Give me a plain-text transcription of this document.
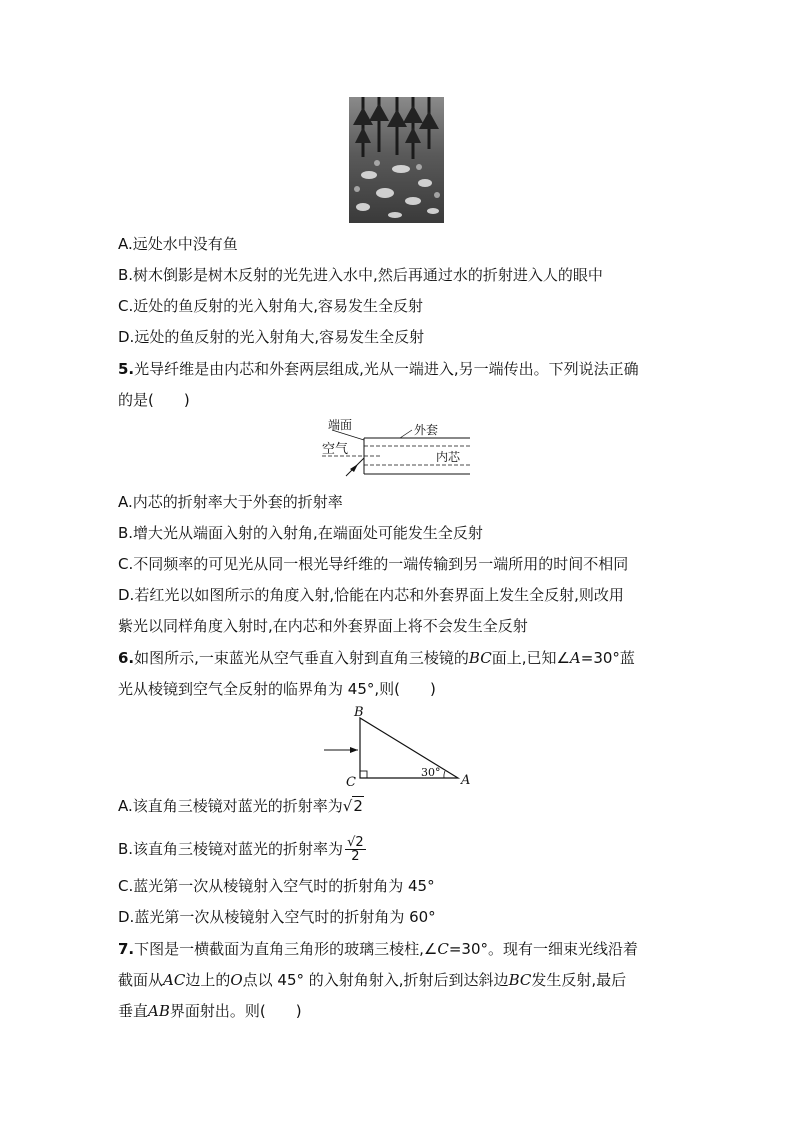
A.远处水中没有鱼
B.树木倒影是树木反射的光先进入水中,然后再通过水的折射进入人的眼中
C.近处的鱼反射的光入射角大,容易发生全反射
D.远处的鱼反射的光入射角大,容易发生全反射
5.光导纤维是由内芯和外套两层组成,光从一端进入,另一端传出。下列说法正确
的是(　　)
端面	外套
空气	内芯
A.内芯的折射率大于外套的折射率
B.增大光从端面入射的入射角,在端面处可能发生全反射
C.不同频率的可见光从同一根光导纤维的一端传输到另一端所用的时间不相同
D.若红光以如图所示的角度入射,恰能在内芯和外套界面上发生全反射,则改用
紫光以同样角度入射时,在内芯和外套界面上将不会发生全反射
6.如图所示,一束蓝光从空气垂直入射到直角三棱镜的BC面上,已知∠A=30°蓝
光从棱镜到空气全反射的临界角为 45°,则(　　)
B
C	A
30°
A.该直角三棱镜对蓝光的折射率为√2
B.该直角三棱镜对蓝光的折射率为 $\frac{√2}{2}$
C.蓝光第一次从棱镜射入空气时的折射角为 45°
D.蓝光第一次从棱镜射入空气时的折射角为 60°
7.下图是一横截面为直角三角形的玻璃三棱柱,∠C=30°。现有一细束光线沿着
截面从AC边上的O点以 45° 的入射角射入,折射后到达斜边BC发生反射,最后
垂直AB界面射出。则(　　)
